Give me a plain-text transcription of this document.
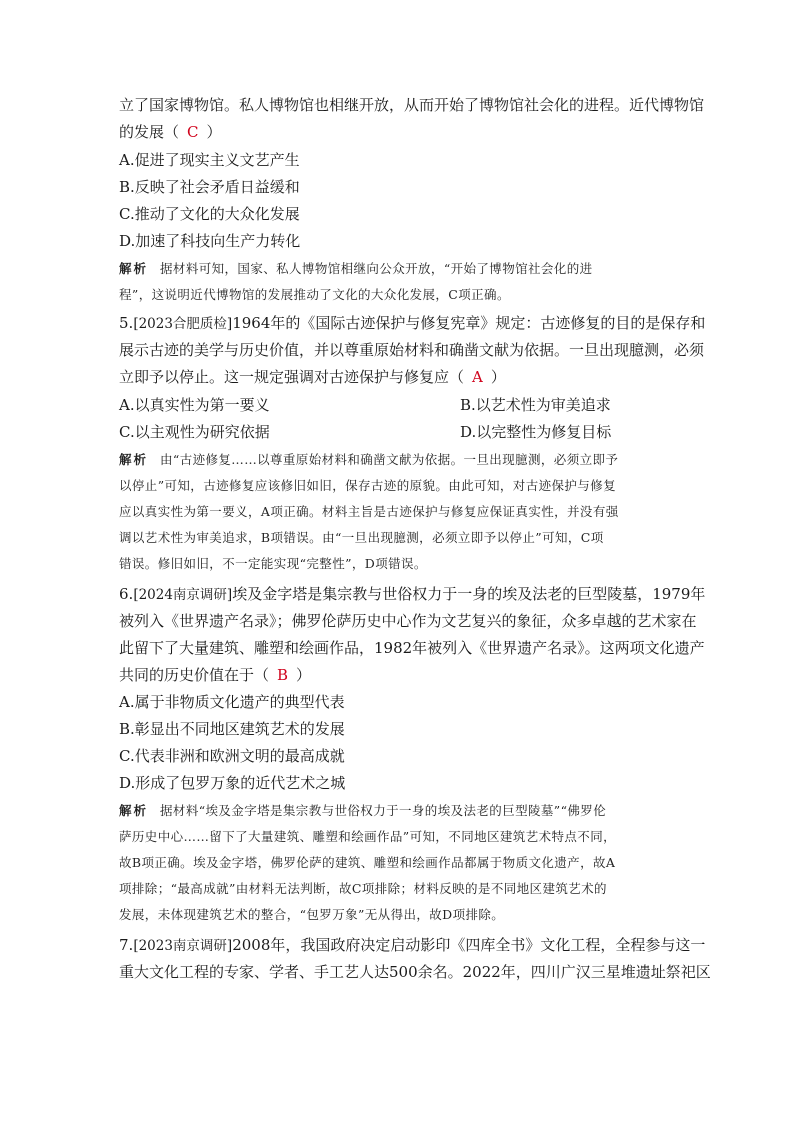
立了国家博物馆。私人博物馆也相继开放，从而开始了博物馆社会化的进程。近代博物馆
的发展（ C ）
A.促进了现实主义文艺产生
B.反映了社会矛盾日益缓和
C.推动了文化的大众化发展
D.加速了科技向生产力转化
解析 据材料可知，国家、私人博物馆相继向公众开放，“开始了博物馆社会化的进
程”，这说明近代博物馆的发展推动了文化的大众化发展，C项正确。
5.[2023合肥质检]1964年的《国际古迹保护与修复宪章》规定：古迹修复的目的是保存和
展示古迹的美学与历史价值，并以尊重原始材料和确凿文献为依据。一旦出现臆测，必须
立即予以停止。这一规定强调对古迹保护与修复应（ A ）
A.以真实性为第一要义	B.以艺术性为审美追求
C.以主观性为研究依据	D.以完整性为修复目标
解析 由“古迹修复……以尊重原始材料和确凿文献为依据。一旦出现臆测，必须立即予
以停止”可知，古迹修复应该修旧如旧，保存古迹的原貌。由此可知，对古迹保护与修复
应以真实性为第一要义，A项正确。材料主旨是古迹保护与修复应保证真实性，并没有强
调以艺术性为审美追求，B项错误。由“一旦出现臆测，必须立即予以停止”可知，C项
错误。修旧如旧，不一定能实现“完整性”，D项错误。
6.[2024南京调研]埃及金字塔是集宗教与世俗权力于一身的埃及法老的巨型陵墓，1979年
被列入《世界遗产名录》；佛罗伦萨历史中心作为文艺复兴的象征，众多卓越的艺术家在
此留下了大量建筑、雕塑和绘画作品，1982年被列入《世界遗产名录》。这两项文化遗产
共同的历史价值在于（ B ）
A.属于非物质文化遗产的典型代表
B.彰显出不同地区建筑艺术的发展
C.代表非洲和欧洲文明的最高成就
D.形成了包罗万象的近代艺术之城
解析 据材料“埃及金字塔是集宗教与世俗权力于一身的埃及法老的巨型陵墓”“佛罗伦
萨历史中心……留下了大量建筑、雕塑和绘画作品”可知，不同地区建筑艺术特点不同，
故B项正确。埃及金字塔，佛罗伦萨的建筑、雕塑和绘画作品都属于物质文化遗产，故A
项排除；“最高成就”由材料无法判断，故C项排除；材料反映的是不同地区建筑艺术的
发展，未体现建筑艺术的整合，“包罗万象”无从得出，故D项排除。
7.[2023南京调研]2008年，我国政府决定启动影印《四库全书》文化工程，全程参与这一
重大文化工程的专家、学者、手工艺人达500余名。2022年，四川广汉三星堆遗址祭祀区
